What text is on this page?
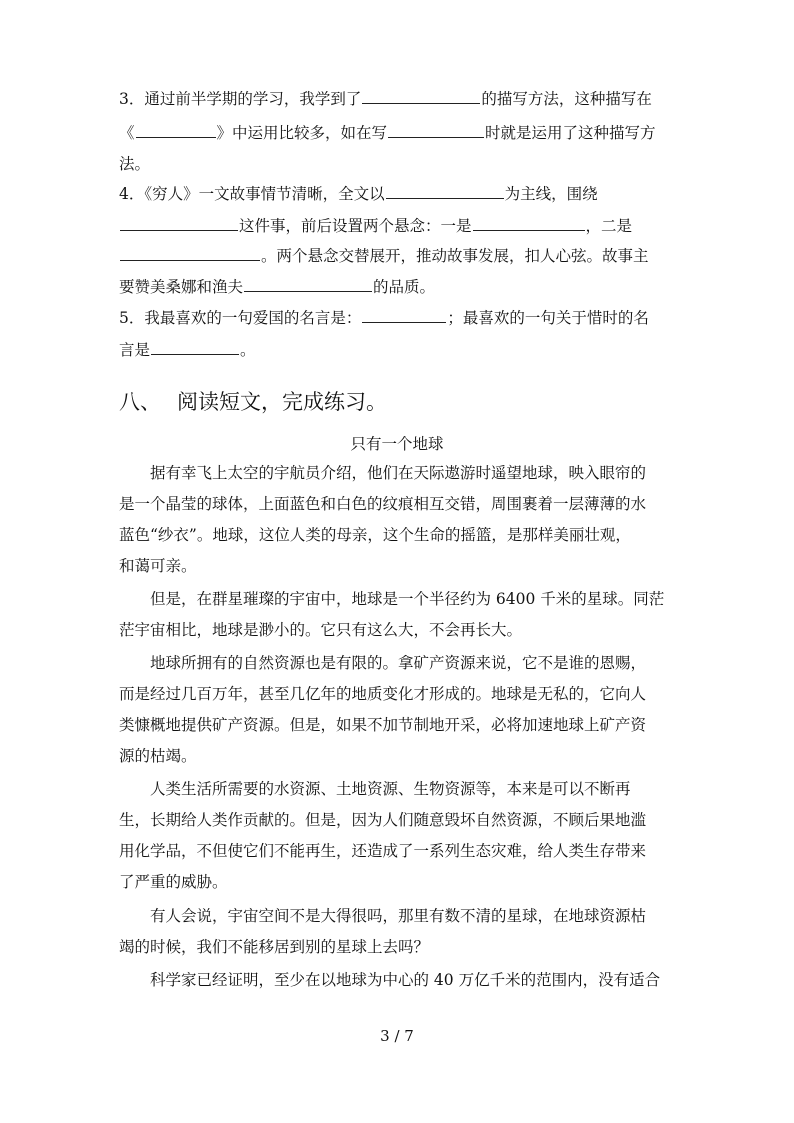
3．通过前半学期的学习，我学到了	的描写方法，这种描写在
《	》中运用比较多，如在写	时就是运用了这种描写方
法。
4．《穷人》一文故事情节清晰，全文以	为主线，围绕
这件事，前后设置两个悬念：一是	，二是
。两个悬念交替展开，推动故事发展，扣人心弦。故事主
要赞美桑娜和渔夫	的品质。
5．我最喜欢的一句爱国的名言是：	；最喜欢的一句关于惜时的名
言是	。
八、 阅读短文，完成练习。
只有一个地球
据有幸飞上太空的宇航员介绍，他们在天际遨游时遥望地球，映入眼帘的
是一个晶莹的球体，上面蓝色和白色的纹痕相互交错，周围裹着一层薄薄的水
蓝色“纱衣”。地球，这位人类的母亲，这个生命的摇篮，是那样美丽壮观，
和蔼可亲。
但是，在群星璀璨的宇宙中，地球是一个半径约为 6400 千米的星球。同茫
茫宇宙相比，地球是渺小的。它只有这么大，不会再长大。
地球所拥有的自然资源也是有限的。拿矿产资源来说，它不是谁的恩赐，
而是经过几百万年，甚至几亿年的地质变化才形成的。地球是无私的，它向人
类慷概地提供矿产资源。但是，如果不加节制地开采，必将加速地球上矿产资
源的枯竭。
人类生活所需要的水资源、土地资源、生物资源等，本来是可以不断再
生，长期给人类作贡献的。但是，因为人们随意毁坏自然资源，不顾后果地滥
用化学品，不但使它们不能再生，还造成了一系列生态灾难，给人类生存带来
了严重的威胁。
有人会说，宇宙空间不是大得很吗，那里有数不清的星球，在地球资源枯
竭的时候，我们不能移居到别的星球上去吗？
科学家已经证明，至少在以地球为中心的 40 万亿千米的范围内，没有适合
3 / 7
